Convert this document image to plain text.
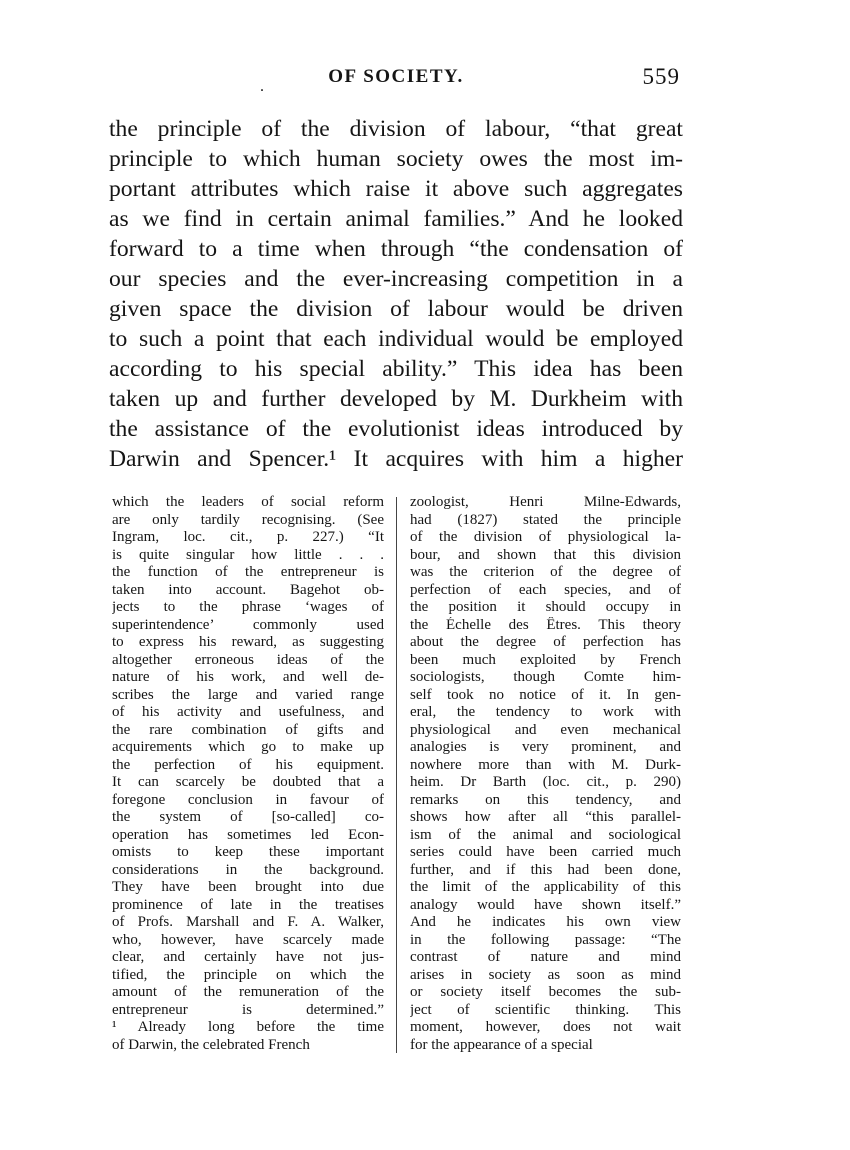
.	OF SOCIETY.	559
the principle of the division of labour, “that great
principle to which human society owes the most im-
portant attributes which raise it above such aggregates
as we find in certain animal families.” And he looked
forward to a time when through “the condensation of
our species and the ever-increasing competition in a
given space the division of labour would be driven
to such a point that each individual would be employed
according to his special ability.” This idea has been
taken up and further developed by M. Durkheim with
the assistance of the evolutionist ideas introduced by
Darwin and Spencer.¹ It acquires with him a higher
which the leaders of social reform
are only tardily recognising. (See
Ingram, loc. cit., p. 227.) “It
is quite singular how little . . .
the function of the entrepreneur is
taken into account. Bagehot ob-
jects to the phrase ‘wages of
superintendence’ commonly used
to express his reward, as suggesting
altogether erroneous ideas of the
nature of his work, and well de-
scribes the large and varied range
of his activity and usefulness, and
the rare combination of gifts and
acquirements which go to make up
the perfection of his equipment.
It can scarcely be doubted that a
foregone conclusion in favour of
the system of [so-called] co-
operation has sometimes led Econ-
omists to keep these important
considerations in the background.
They have been brought into due
prominence of late in the treatises
of Profs. Marshall and F. A. Walker,
who, however, have scarcely made
clear, and certainly have not jus-
tified, the principle on which the
amount of the remuneration of the
entrepreneur is determined.”
¹ Already long before the time
of Darwin, the celebrated French
zoologist, Henri Milne-Edwards,
had (1827) stated the principle
of the division of physiological la-
bour, and shown that this division
was the criterion of the degree of
perfection of each species, and of
the position it should occupy in
the Échelle des Êtres. This theory
about the degree of perfection has
been much exploited by French
sociologists, though Comte him-
self took no notice of it. In gen-
eral, the tendency to work with
physiological and even mechanical
analogies is very prominent, and
nowhere more than with M. Durk-
heim. Dr Barth (loc. cit., p. 290)
remarks on this tendency, and
shows how after all “this parallel-
ism of the animal and sociological
series could have been carried much
further, and if this had been done,
the limit of the applicability of this
analogy would have shown itself.”
And he indicates his own view
in the following passage: “The
contrast of nature and mind
arises in society as soon as mind
or society itself becomes the sub-
ject of scientific thinking. This
moment, however, does not wait
for the appearance of a special
